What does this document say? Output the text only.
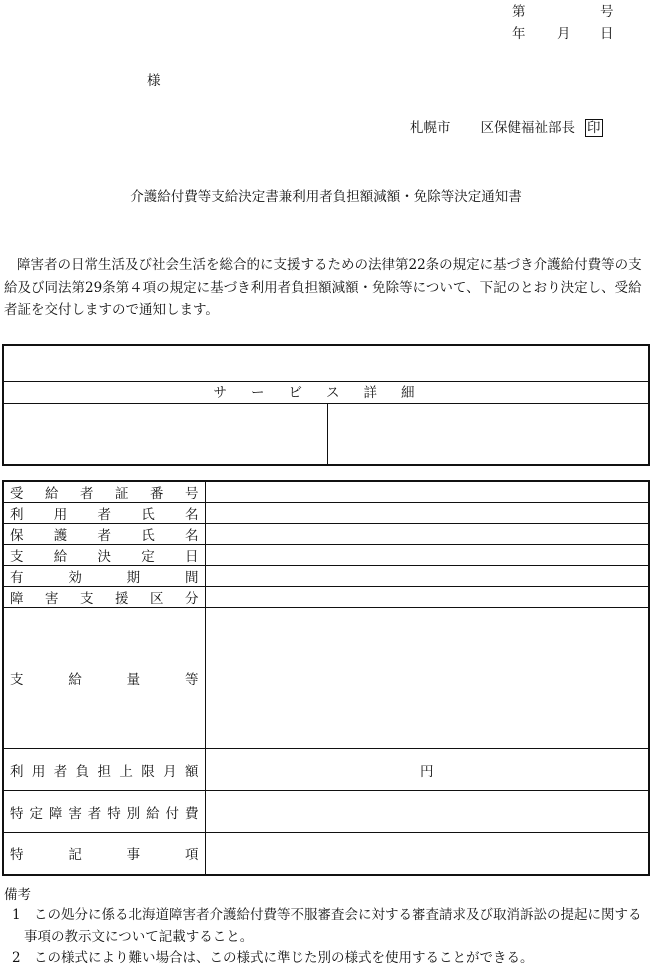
第	号
年 月 日
様
札幌市 区保健福祉部長 印
介護給付費等支給決定書兼利用者負担額減額・免除等決定通知書
障害者の日常生活及び社会生活を総合的に支援するための法律第22条の規定に基づき介護給付費等の支給及び同法第29条第４項の規定に基づき利用者負担額減額・免除等について、下記のとおり決定し、受給者証を交付しますので通知します。
サービス詳細
受給者証番号	
利用者氏名	
保護者氏名	
支給決定日	
有効期間	
障害支援区分	
支給量等	
利用者負担上限月額	円
特定障害者特別給付費	
特記事項	
備考
1 この処分に係る北海道障害者介護給付費等不服審査会に対する審査請求及び取消訴訟の提起に関する事項の教示文について記載すること。
2 この様式により難い場合は、この様式に準じた別の様式を使用することができる。
